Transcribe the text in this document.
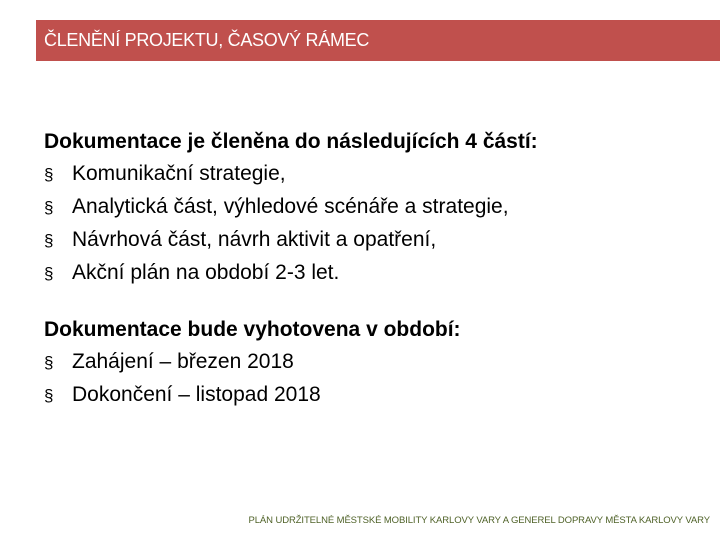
ČLENĚNÍ PROJEKTU, ČASOVÝ RÁMEC
Dokumentace je členěna do následujících 4 částí:
§ Komunikační strategie,
§ Analytická část, výhledové scénáře a strategie,
§ Návrhová část, návrh aktivit a opatření,
§ Akční plán na období 2-3 let.
Dokumentace bude vyhotovena v období:
§ Zahájení – březen 2018
§ Dokončení – listopad 2018
PLÁN UDRŽITELNÉ MĚSTSKÉ MOBILITY KARLOVY VARY A GENEREL DOPRAVY MĚSTA KARLOVY VARY
